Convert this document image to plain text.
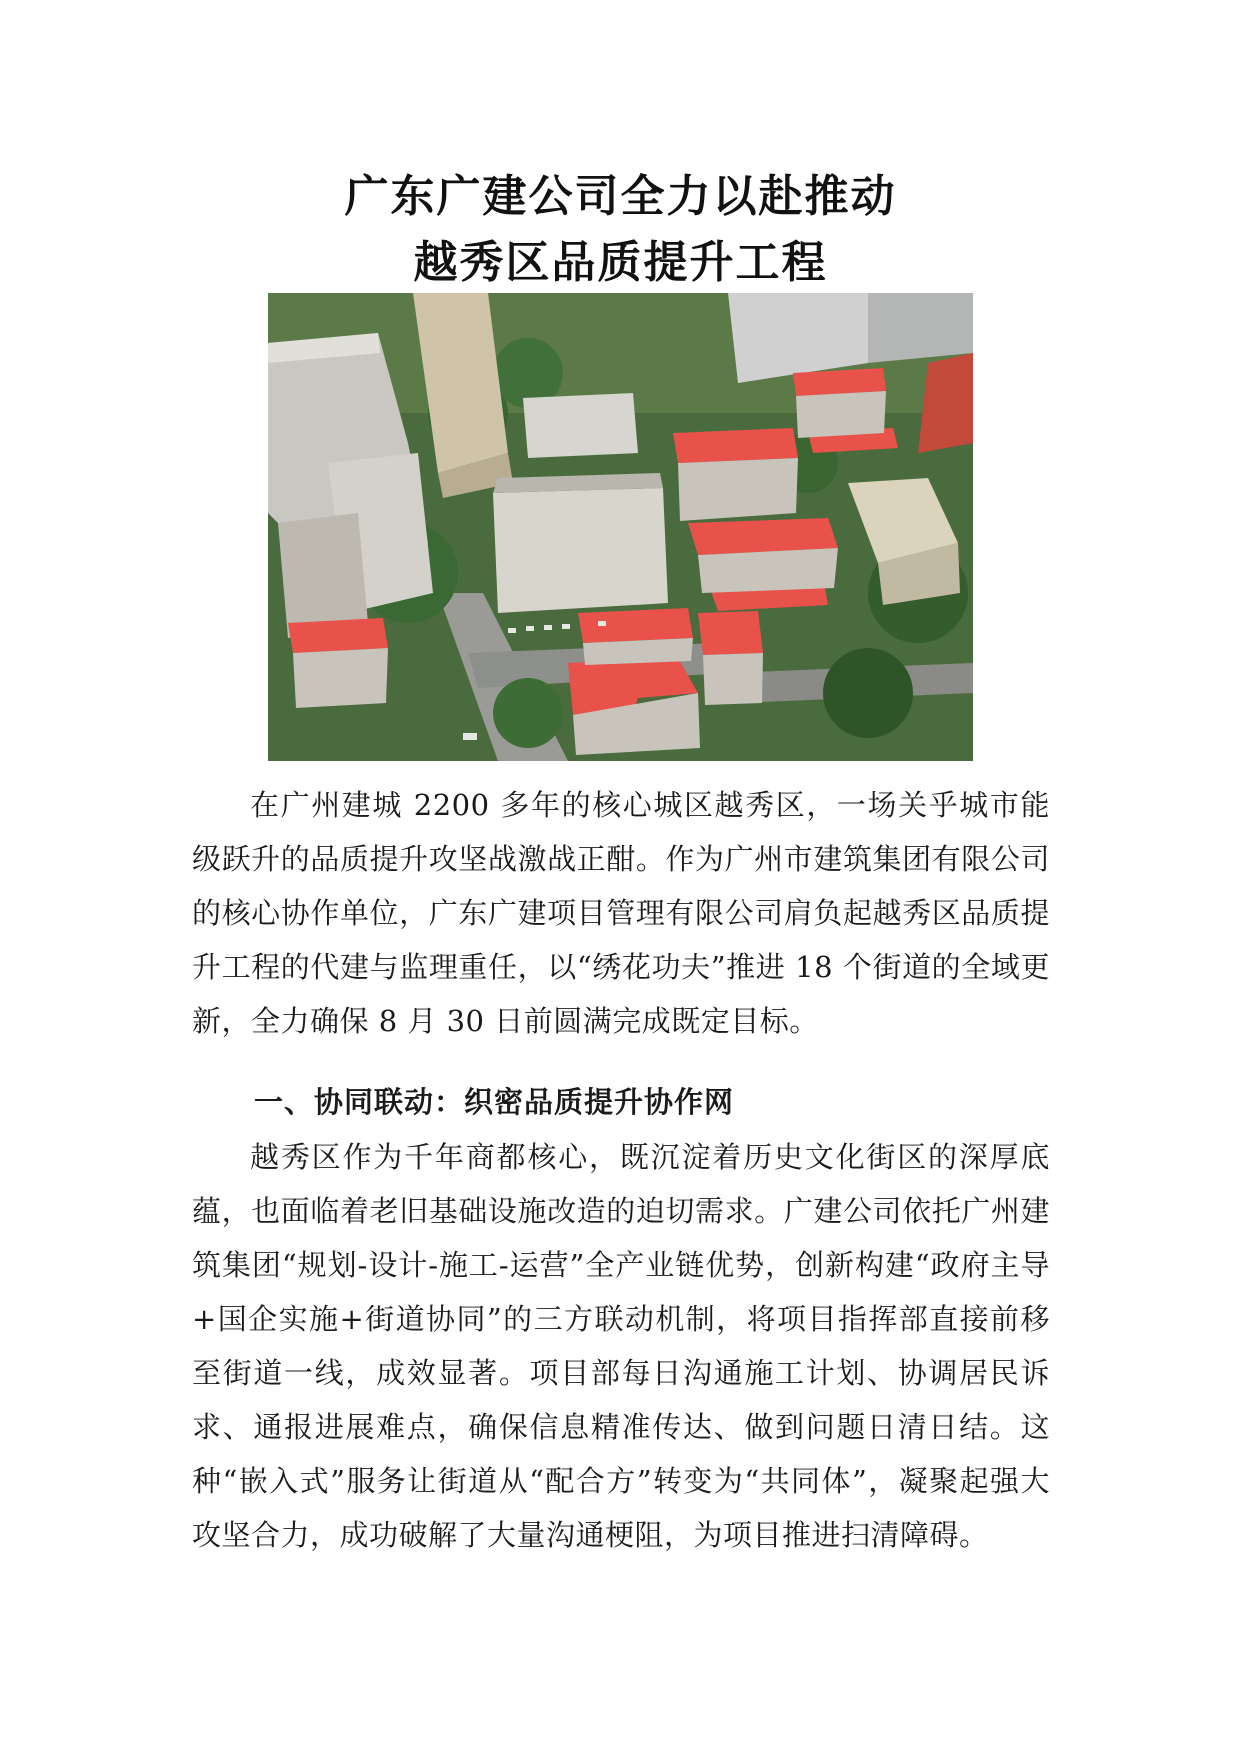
广东广建公司全力以赴推动
越秀区品质提升工程

在广州建城 2200 多年的核心城区越秀区，一场关乎城市能级跃升的品质提升攻坚战激战正酣。作为广州市建筑集团有限公司的核心协作单位，广东广建项目管理有限公司肩负起越秀区品质提升工程的代建与监理重任，以“绣花功夫”推进 18 个街道的全域更新，全力确保 8 月 30 日前圆满完成既定目标。

一、协同联动：织密品质提升协作网

越秀区作为千年商都核心，既沉淀着历史文化街区的深厚底蕴，也面临着老旧基础设施改造的迫切需求。广建公司依托广州建筑集团“规划-设计-施工-运营”全产业链优势，创新构建“政府主导+国企实施+街道协同”的三方联动机制，将项目指挥部直接前移至街道一线，成效显著。项目部每日沟通施工计划、协调居民诉求、通报进展难点，确保信息精准传达、做到问题日清日结。这种“嵌入式”服务让街道从“配合方”转变为“共同体”，凝聚起强大攻坚合力，成功破解了大量沟通梗阻，为项目推进扫清障碍。
